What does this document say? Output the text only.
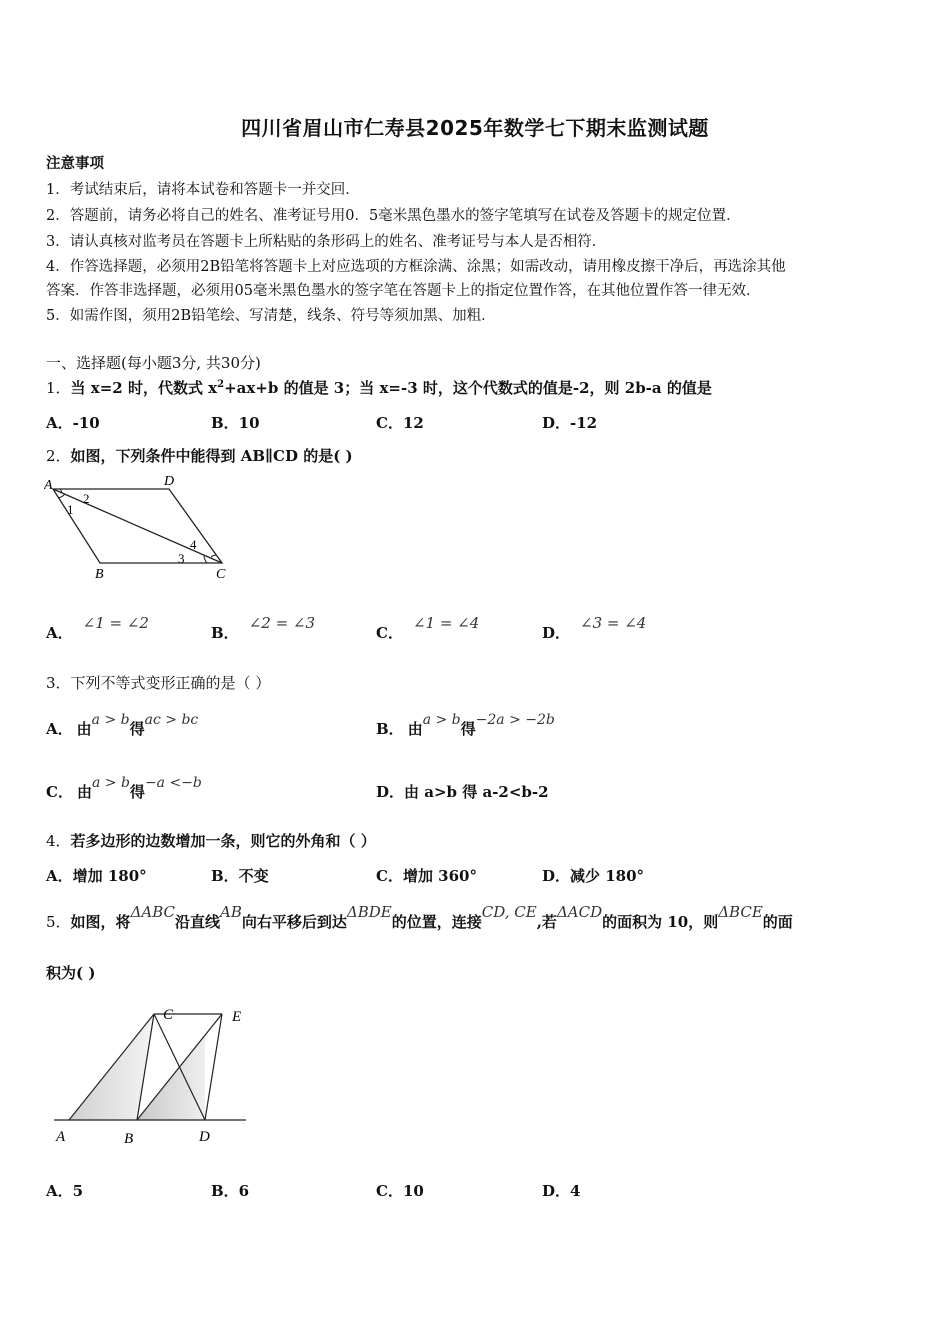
四川省眉山市仁寿县2025年数学七下期末监测试题
注意事项
1．考试结束后，请将本试卷和答题卡一并交回．
2．答题前，请务必将自己的姓名、准考证号用0．5毫米黑色墨水的签字笔填写在试卷及答题卡的规定位置．
3．请认真核对监考员在答题卡上所粘贴的条形码上的姓名、准考证号与本人是否相符．
4．作答选择题，必须用2B铅笔将答题卡上对应选项的方框涂满、涂黑；如需改动，请用橡皮擦干净后，再选涂其他
答案．作答非选择题，必须用05毫米黑色墨水的签字笔在答题卡上的指定位置作答，在其他位置作答一律无效．
5．如需作图，须用2B铅笔绘、写清楚，线条、符号等须加黑、加粗．
一、选择题(每小题3分, 共30分)
1．当 x=2 时，代数式 $x^2+ax+b$ 的值是 3；当 x=-3 时，这个代数式的值是-2，则 2b-a 的值是
A．-10	B．10	C．12	D．-12
2．如图，下列条件中能得到 AB∥CD 的是( )
A	D
B	C
1
2
3
4
A．∠1 = ∠2
B．∠2 = ∠3
C．∠1 = ∠4
D．∠3 = ∠4
3．下列不等式变形正确的是（ ）
A． 由a > b得ac > bc	B． 由a > b得−2a > −2b
C． 由a > b得−a <−b	D．由 a>b 得 a-2<b-2
4．若多边形的边数增加一条，则它的外角和（ ）
A．增加 180°	B．不变	C．增加 360°	D．减少 180°
5．如图，将ΔABC沿直线AB向右平移后到达ΔBDE的位置，连接CD, CE,若ΔACD的面积为 10，则ΔBCE的面
积为( )
C	E
A	B	D
A．5	B．6	C．10	D．4
